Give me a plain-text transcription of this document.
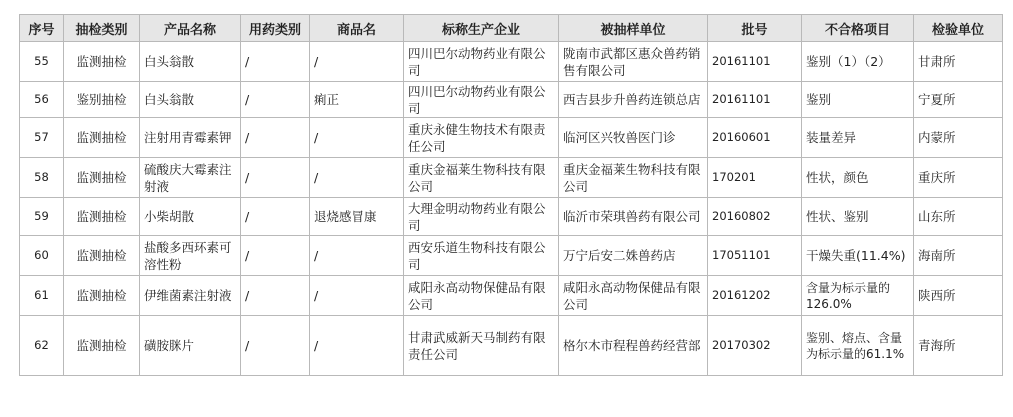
序号	抽检类别	产品名称	用药类别	商品名	标称生产企业	被抽样单位	批号	不合格项目	检验单位
55	监测抽检	白头翁散	/	/	四川巴尔动物药业有限公司	陇南市武都区惠众兽药销售有限公司	20161101	鉴别（1）（2）	甘肃所
56	鉴别抽检	白头翁散	/	痢正	四川巴尔动物药业有限公司	西吉县步升兽药连锁总店	20161101	鉴别	宁夏所
57	监测抽检	注射用青霉素钾	/	/	重庆永健生物技术有限责任公司	临河区兴牧兽医门诊	20160601	装量差异	内蒙所
58	监测抽检	硫酸庆大霉素注射液	/	/	重庆金福莱生物科技有限公司	重庆金福莱生物科技有限公司	170201	性状，颜色	重庆所
59	监测抽检	小柴胡散	/	退烧感冒康	大理金明动物药业有限公司	临沂市荣琪兽药有限公司	20160802	性状、鉴别	山东所
60	监测抽检	盐酸多西环素可溶性粉	/	/	西安乐道生物科技有限公司	万宁后安二姝兽药店	17051101	干燥失重(11.4%)	海南所
61	监测抽检	伊维菌素注射液	/	/	咸阳永高动物保健品有限公司	咸阳永高动物保健品有限公司	20161202	含量为标示量的126.0%	陕西所
62	监测抽检	磺胺脒片	/	/	甘肃武威新天马制药有限责任公司	格尔木市程程兽药经营部	20170302	鉴别、熔点、含量为标示量的61.1%	青海所
